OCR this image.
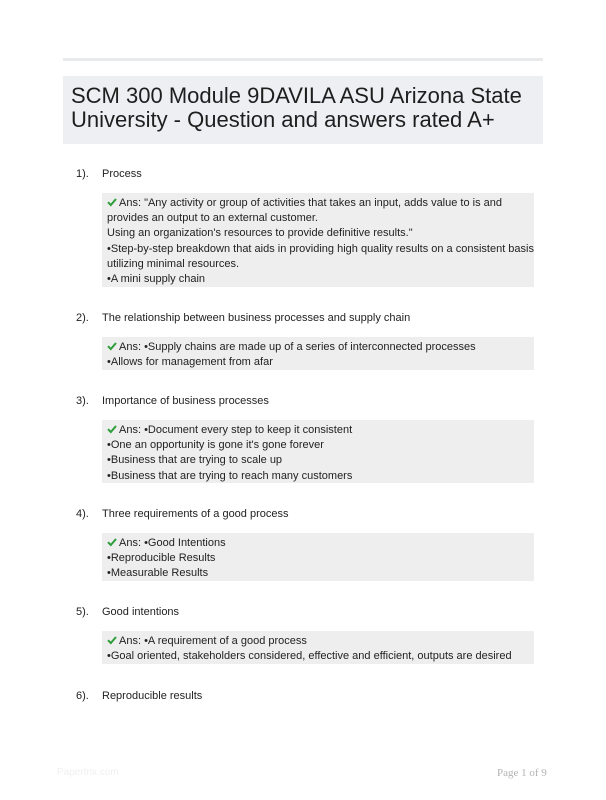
SCM 300 Module 9DAVILA ASU Arizona State University - Question and answers rated A+
1). Process
Ans: "Any activity or group of activities that takes an input, adds value to is and
provides an output to an external customer.
Using an organization's resources to provide definitive results."
•Step-by-step breakdown that aids in providing high quality results on a consistent basis
utilizing minimal resources.
•A mini supply chain
2). The relationship between business processes and supply chain
Ans: •Supply chains are made up of a series of interconnected processes
•Allows for management from afar
3). Importance of business processes
Ans: •Document every step to keep it consistent
•One an opportunity is gone it's gone forever
•Business that are trying to scale up
•Business that are trying to reach many customers
4). Three requirements of a good process
Ans: •Good Intentions
•Reproducible Results
•Measurable Results
5). Good intentions
Ans: •A requirement of a good process
•Goal oriented, stakeholders considered, effective and efficient, outputs are desired
6). Reproducible results
Papertrix.com	Page 1 of 9
